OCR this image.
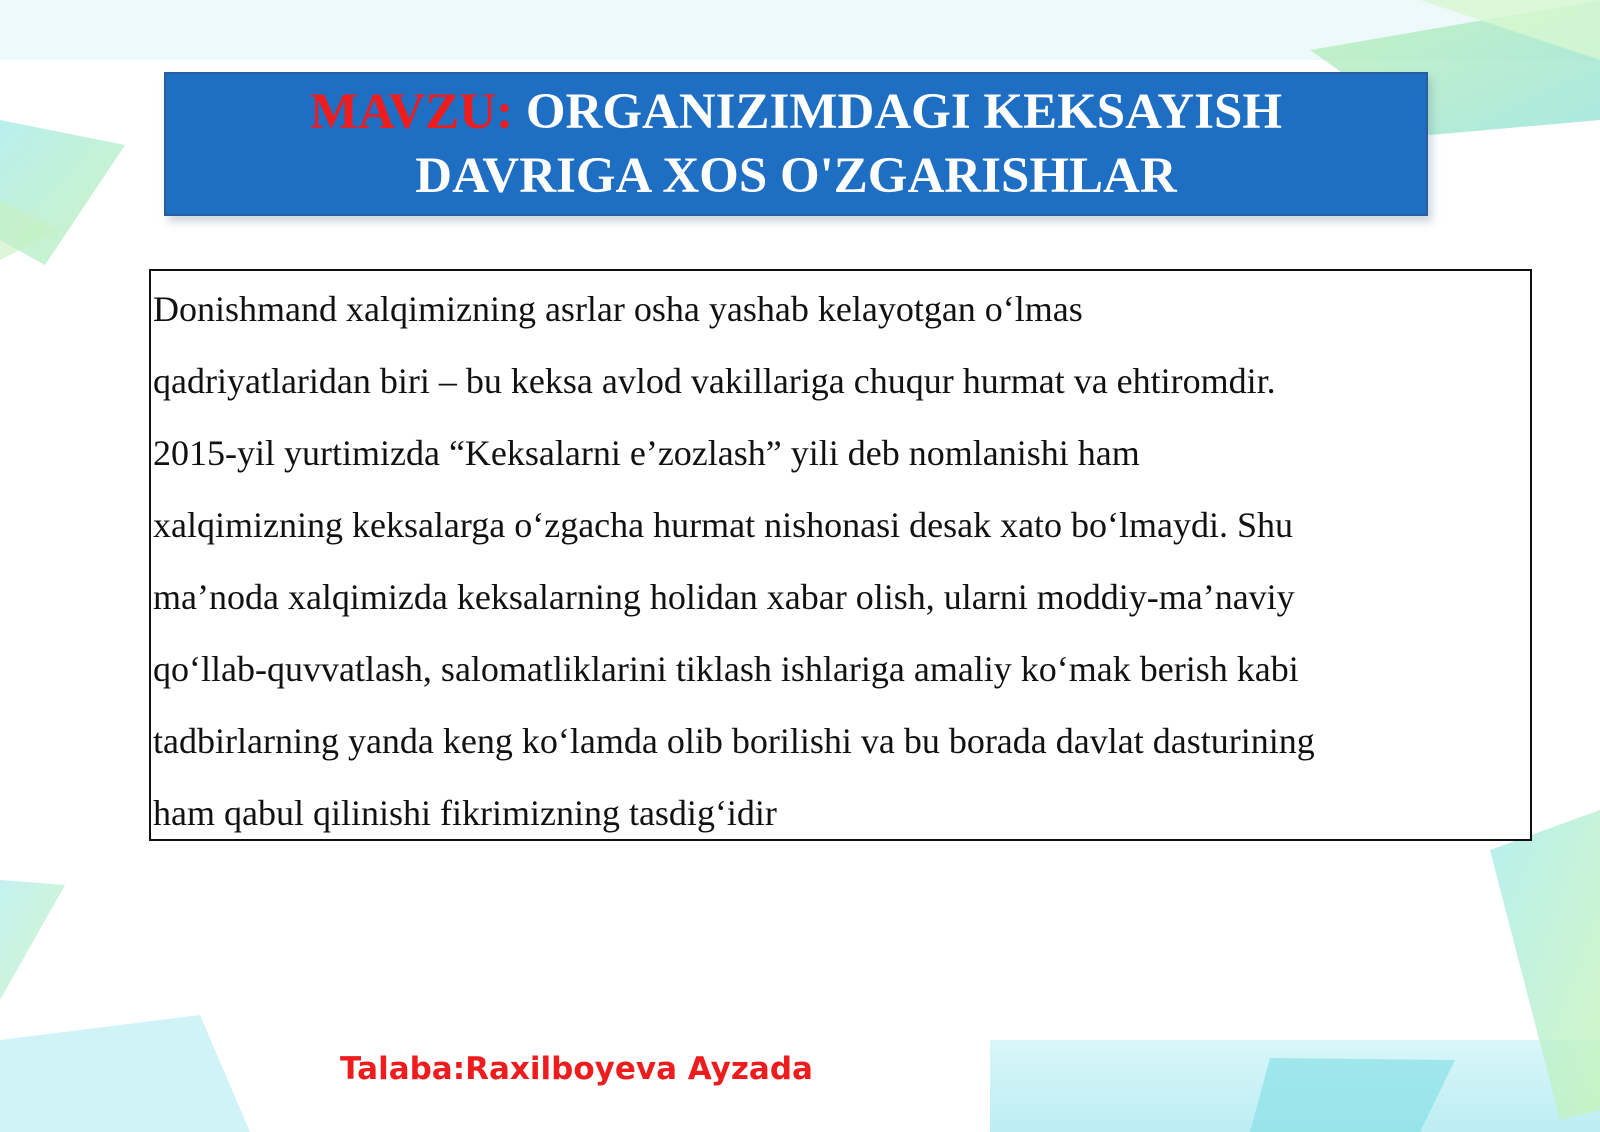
MAVZU: ORGANIZIMDAGI KEKSAYISH
DAVRIGA XOS O'ZGARISHLAR

Donishmand xalqimizning asrlar osha yashab kelayotgan o‘lmas

qadriyatlaridan biri – bu keksa avlod vakillariga chuqur hurmat va ehtiromdir.

2015-yil yurtimizda “Keksalarni e’zozlash” yili deb nomlanishi ham

xalqimizning keksalarga o‘zgacha hurmat nishonasi desak xato bo‘lmaydi. Shu

ma’noda xalqimizda keksalarning holidan xabar olish, ularni moddiy-ma’naviy

qo‘llab-quvvatlash, salomatliklarini tiklash ishlariga amaliy ko‘mak berish kabi

tadbirlarning yanda keng ko‘lamda olib borilishi va bu borada davlat dasturining

ham qabul qilinishi fikrimizning tasdig‘idir

Talaba:Raxilboyeva Ayzada
